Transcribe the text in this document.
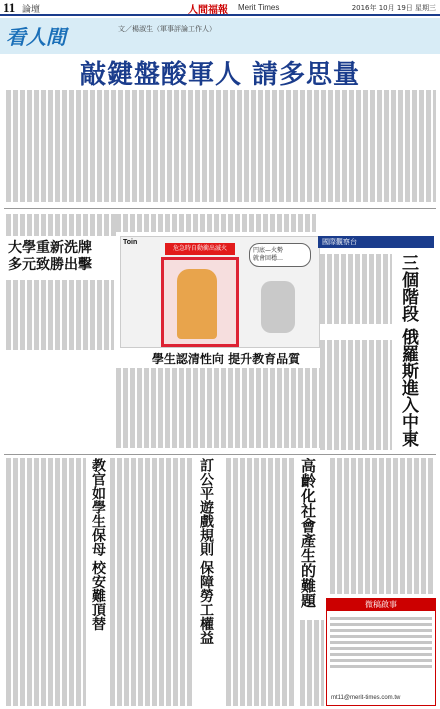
11 論壇	人間福報 Merit Times	2016年 10月 19日 星期三
看人間	文／楊淑生（軍事評論工作人）
敲鍵盤酸軍人 請多思量
大學重新洗牌
多元致勝出擊
Toin
危急時自動衝出滅火	円底—火勢
就會回穩…
學生認清性向 提升教育品質
國際觀察台
三個階段 俄羅斯進入中東
高齡化社會產生的難題
訂公平遊戲規則 保障勞工權益
教官如學生保母 校安難頂替	微稿啟事
mt11@merit-times.com.tw
